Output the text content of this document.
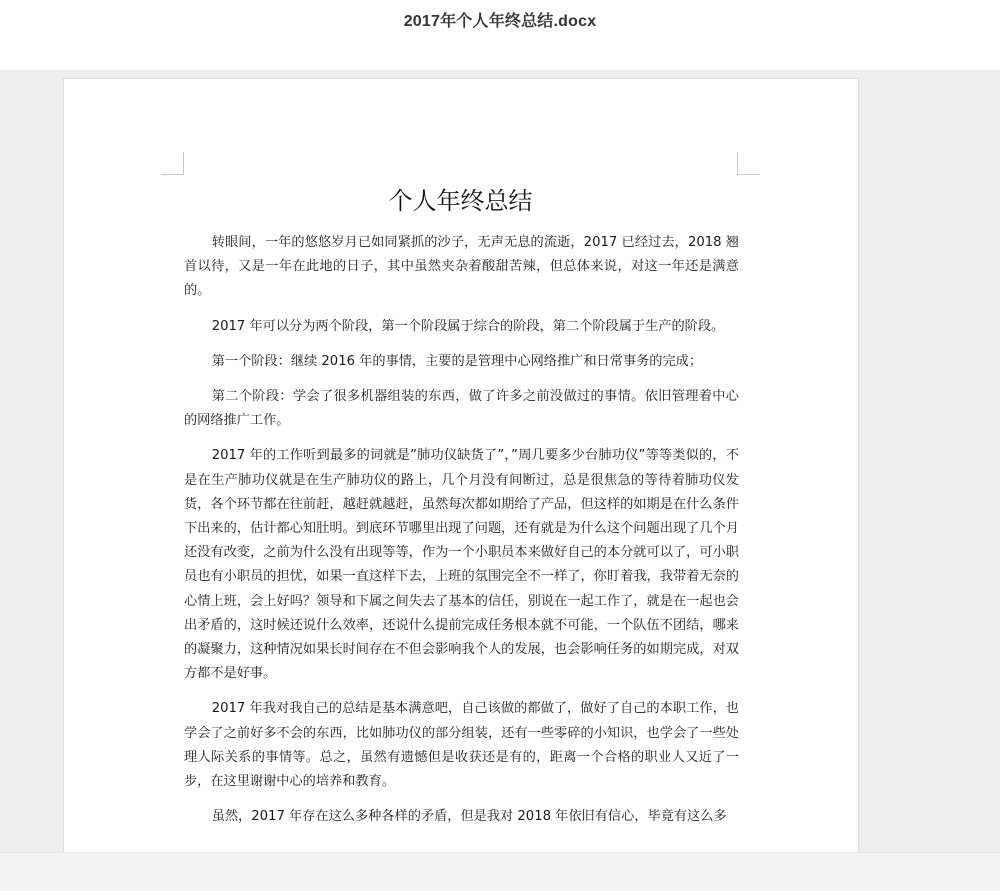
2017年个人年终总结.docx
个人年终总结

转眼间，一年的悠悠岁月已如同紧抓的沙子，无声无息的流逝，2017 已经过去，2018 翘首以待，又是一年在此地的日子，其中虽然夹杂着酸甜苦辣，但总体来说，对这一年还是满意的。

2017 年可以分为两个阶段，第一个阶段属于综合的阶段，第二个阶段属于生产的阶段。

第一个阶段：继续 2016 年的事情，主要的是管理中心网络推广和日常事务的完成；

第二个阶段：学会了很多机器组装的东西，做了许多之前没做过的事情。依旧管理着中心的网络推广工作。

2017 年的工作听到最多的词就是”肺功仪缺货了”，”周几要多少台肺功仪”等等类似的，不是在生产肺功仪就是在生产肺功仪的路上，几个月没有间断过，总是很焦急的等待着肺功仪发货，各个环节都在往前赶，越赶就越赶，虽然每次都如期给了产品，但这样的如期是在什么条件下出来的，估计都心知肚明。到底环节哪里出现了问题，还有就是为什么这个问题出现了几个月还没有改变，之前为什么没有出现等等，作为一个小职员本来做好自己的本分就可以了，可小职员也有小职员的担忧，如果一直这样下去，上班的氛围完全不一样了，你盯着我，我带着无奈的心情上班，会上好吗？领导和下属之间失去了基本的信任，别说在一起工作了，就是在一起也会出矛盾的，这时候还说什么效率，还说什么提前完成任务根本就不可能，一个队伍不团结，哪来的凝聚力，这种情况如果长时间存在不但会影响我个人的发展，也会影响任务的如期完成，对双方都不是好事。

2017 年我对我自己的总结是基本满意吧，自己该做的都做了，做好了自己的本职工作，也学会了之前好多不会的东西，比如肺功仪的部分组装，还有一些零碎的小知识，也学会了一些处理人际关系的事情等。总之，虽然有遗憾但是收获还是有的，距离一个合格的职业人又近了一步，在这里谢谢中心的培养和教育。

虽然，2017 年存在这么多种各样的矛盾，但是我对 2018 年依旧有信心，毕竟有这么多
